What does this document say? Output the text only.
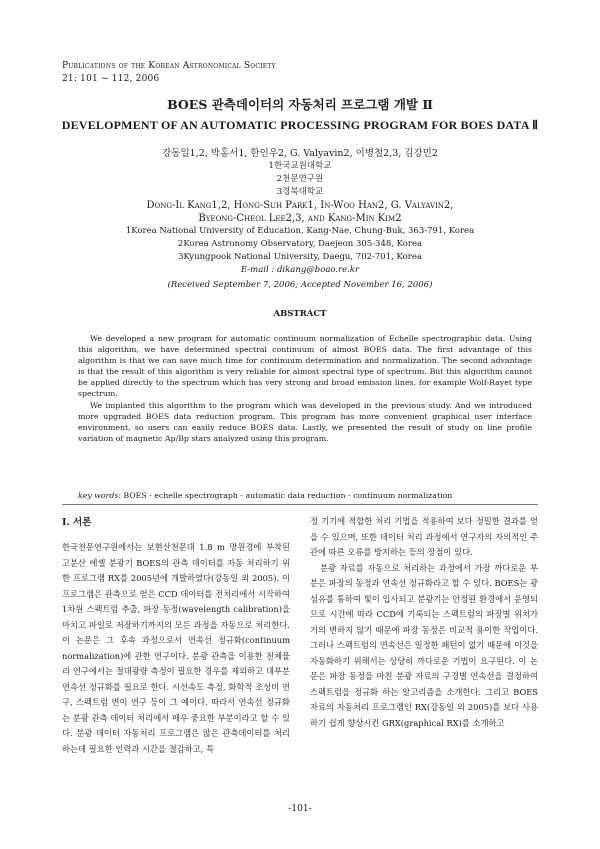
Publications of the Korean Astronomical Society
21: 101 ~ 112, 2006
BOES 관측데이터의 자동처리 프로그램 개발 Ⅱ
DEVELOPMENT OF AN AUTOMATIC PROCESSING PROGRAM FOR BOES DATA Ⅱ
강동일1,2, 박홍서1, 한인우2, G. Valyavin2, 이병철2,3, 김강민2
1한국교원대학교
2천문연구원
3경북대학교
Dong-Il Kang1,2, Hong-Suh Park1, In-Woo Han2, G. Valyavin2,
Byeong-Cheol Lee2,3, and Kang-Min Kim2
1Korea National University of Education, Kang-Nae, Chung-Buk, 363-791, Korea
2Korea Astronomy Observatory, Daejeon 305-348, Korea
3Kyungpook National University, Daegu, 702-701, Korea
E-mail : dikang@boao.re.kr
(Received September 7, 2006; Accepted November 16, 2006)
ABSTRACT

We developed a new program for automatic continuum normalization of Echelle spectrographic data. Using this algorithm, we have determined spectral continuum of almost BOES data. The first advantage of this algorithm is that we can save much time for continuum determination and normalization. The second advantage is that the result of this algorithm is very reliable for almost spectral type of spectrum. But this algorithm cannot be applied directly to the spectrum which has very strong and broad emission lines, for example Wolf-Rayet type spectrum.

We implanted this algorithm to the program which was developed in the previous study. And we introduced more upgraded BOES data reduction program. This program has more convenient graphical user interface environment, so users can easily reduce BOES data. Lastly, we presented the result of study on line profile variation of magnetic Ap/Bp stars analyzed using this program.

key words: BOES - echelle spectrograph - automatic data reduction - continuum normalization
I. 서론

한국천문연구원에서는 보현산천문대 1.8 m 망원경에 부착된 고분산 에셸 분광기 BOES의 관측 데이터를 자동 처리하기 위한 프로그램 RX를 2005년에 개발하였다(강동일 외 2005). 이 프로그램은 관측으로 얻은 CCD 데이터를 전처리에서 시작하여 1차원 스펙트럼 추출, 파장 동정(wavelength calibration)을 마치고 파일로 저장하기까지의 모든 과정을 자동으로 처리한다. 이 논문은 그 후속 과정으로서 연속선 정규화(continuum normalization)에 관한 연구이다. 분광 관측을 이용한 천체물리 연구에서는 절대광량 측정이 필요한 경우를 제외하고 대부분 연속선 정규화를 필요로 한다. 시선속도 측정, 화학적 조성비 연구, 스펙트럼 변이 연구 등이 그 예이다. 따라서 연속선 정규화는 분광 관측 데이터 처리에서 매우 중요한 부분이라고 할 수 있다. 분광 데이터 자동처리 프로그램은 많은 관측데이터를 처리하는데 필요한 인력과 시간을 절감하고, 특

정 기기에 적합한 처리 기법을 적용하여 보다 정밀한 결과를 얻을 수 있으며, 또한 데이터 처리 과정에서 연구자의 자의적인 주관에 따른 오류를 방지하는 등의 장점이 있다.

분광 자료를 자동으로 처리하는 과정에서 가장 까다로운 부분은 파장의 동정과 연속선 정규화라고 할 수 있다. BOES는 광섬유를 통하여 빛이 입사되고 분광기는 안정된 환경에서 운영되므로 시간에 따라 CCD에 기록되는 스펙트럼의 파장별 위치가 거의 변하지 않기 때문에 파장 동정은 비교적 용이한 작업이다. 그러나 스펙트럼의 연속선은 일정한 패턴이 없기 때문에 이것을 자동화하기 위해서는 상당히 까다로운 기법이 요구된다. 이 논문은 파장 동정을 마친 분광 자료의 구경별 연속선을 결정하여 스펙트럼을 정규화 하는 알고리즘을 소개한다. 그리고 BOES 자료의 자동처리 프로그램인 RX(강동일 외 2005)를 보다 사용하기 쉽게 향상시킨 GRX(graphical RX)를 소개하고

-101-
